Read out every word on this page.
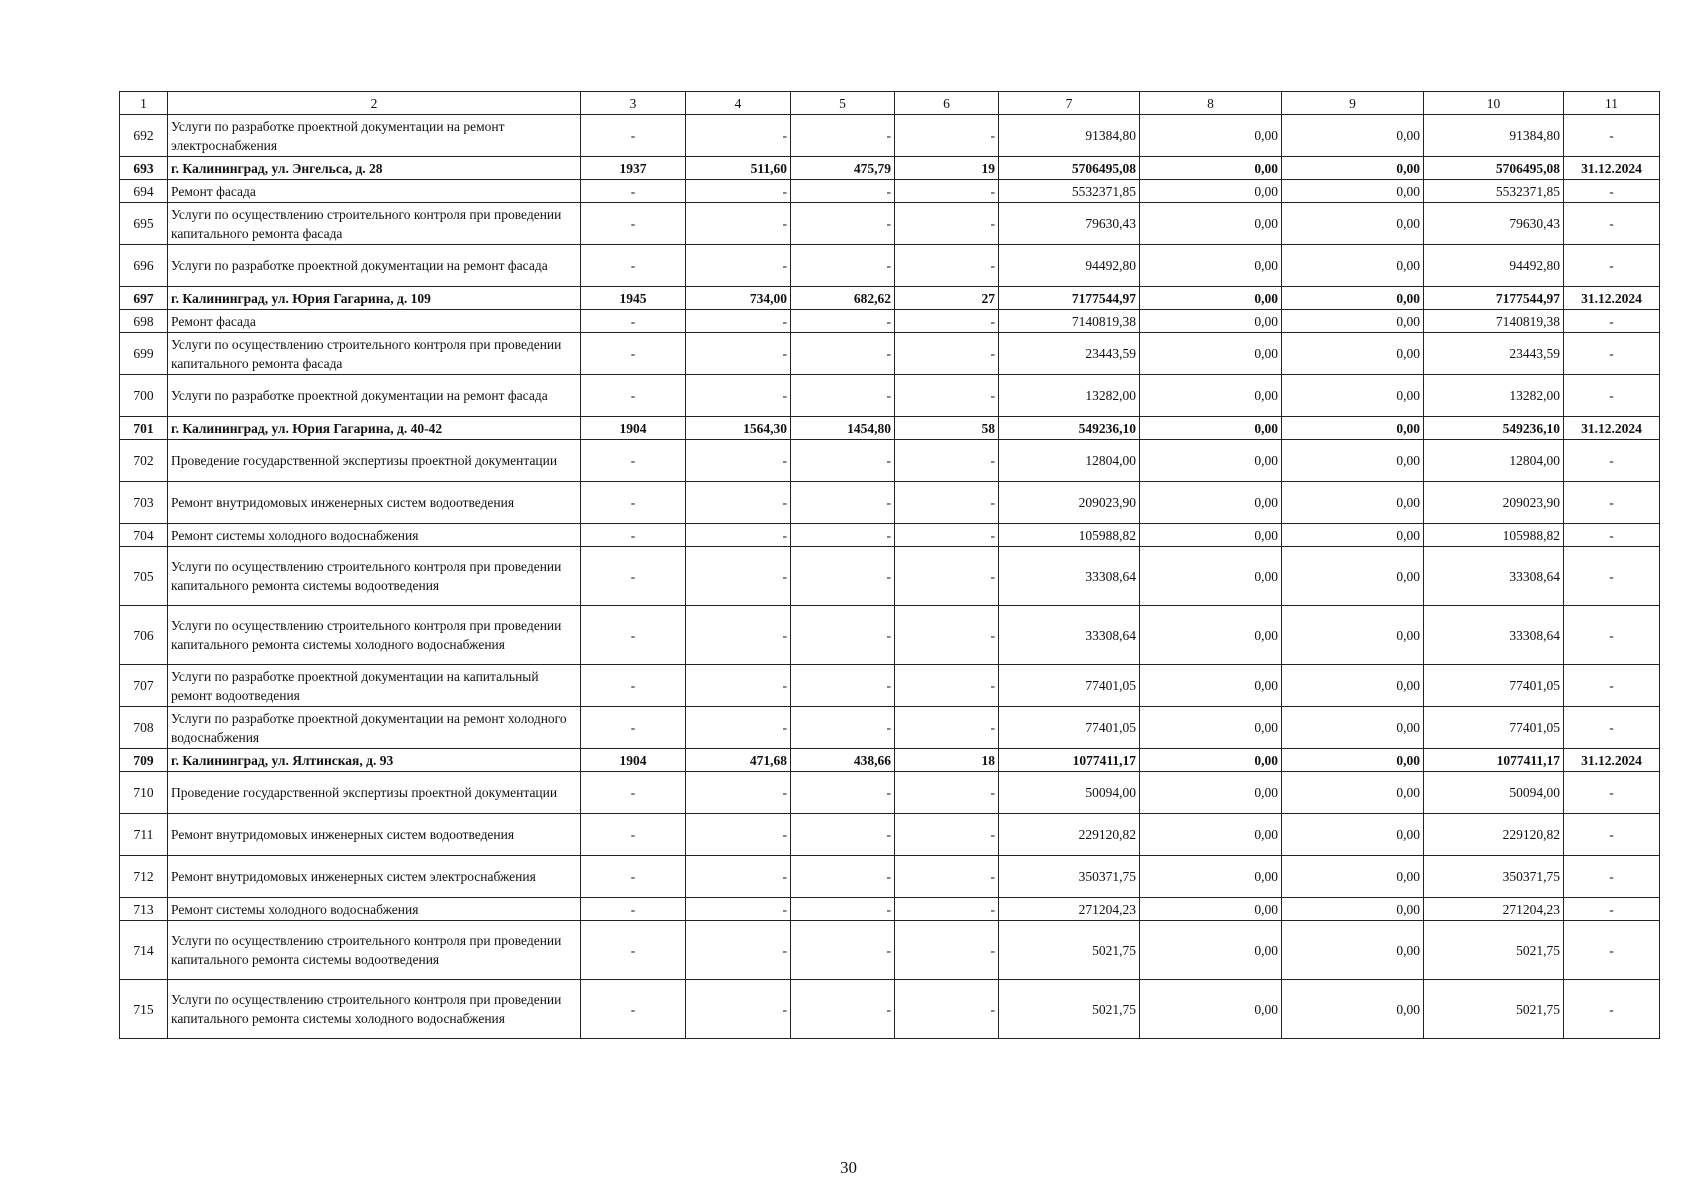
1	2	3	4	5	6	7	8	9	10	11
692	Услуги по разработке проектной документации на ремонт электроснабжения	-	-	-	-	91384,80	0,00	0,00	91384,80	-
693	г. Калининград, ул. Энгельса, д. 28	1937	511,60	475,79	19	5706495,08	0,00	0,00	5706495,08	31.12.2024
694	Ремонт фасада	-	-	-	-	5532371,85	0,00	0,00	5532371,85	-
695	Услуги по осуществлению строительного контроля при проведении капитального ремонта фасада	-	-	-	-	79630,43	0,00	0,00	79630,43	-
696	Услуги по разработке проектной документации на ремонт фасада	-	-	-	-	94492,80	0,00	0,00	94492,80	-
697	г. Калининград, ул. Юрия Гагарина, д. 109	1945	734,00	682,62	27	7177544,97	0,00	0,00	7177544,97	31.12.2024
698	Ремонт фасада	-	-	-	-	7140819,38	0,00	0,00	7140819,38	-
699	Услуги по осуществлению строительного контроля при проведении капитального ремонта фасада	-	-	-	-	23443,59	0,00	0,00	23443,59	-
700	Услуги по разработке проектной документации на ремонт фасада	-	-	-	-	13282,00	0,00	0,00	13282,00	-
701	г. Калининград, ул. Юрия Гагарина, д. 40-42	1904	1564,30	1454,80	58	549236,10	0,00	0,00	549236,10	31.12.2024
702	Проведение государственной экспертизы проектной документации	-	-	-	-	12804,00	0,00	0,00	12804,00	-
703	Ремонт внутридомовых инженерных систем водоотведения	-	-	-	-	209023,90	0,00	0,00	209023,90	-
704	Ремонт системы холодного водоснабжения	-	-	-	-	105988,82	0,00	0,00	105988,82	-
705	Услуги по осуществлению строительного контроля при проведении капитального ремонта системы водоотведения	-	-	-	-	33308,64	0,00	0,00	33308,64	-
706	Услуги по осуществлению строительного контроля при проведении капитального ремонта системы холодного водоснабжения	-	-	-	-	33308,64	0,00	0,00	33308,64	-
707	Услуги по разработке проектной документации на капитальный ремонт водоотведения	-	-	-	-	77401,05	0,00	0,00	77401,05	-
708	Услуги по разработке проектной документации на ремонт холодного водоснабжения	-	-	-	-	77401,05	0,00	0,00	77401,05	-
709	г. Калининград, ул. Ялтинская, д. 93	1904	471,68	438,66	18	1077411,17	0,00	0,00	1077411,17	31.12.2024
710	Проведение государственной экспертизы проектной документации	-	-	-	-	50094,00	0,00	0,00	50094,00	-
711	Ремонт внутридомовых инженерных систем водоотведения	-	-	-	-	229120,82	0,00	0,00	229120,82	-
712	Ремонт внутридомовых инженерных систем электроснабжения	-	-	-	-	350371,75	0,00	0,00	350371,75	-
713	Ремонт системы холодного водоснабжения	-	-	-	-	271204,23	0,00	0,00	271204,23	-
714	Услуги по осуществлению строительного контроля при проведении капитального ремонта системы водоотведения	-	-	-	-	5021,75	0,00	0,00	5021,75	-
715	Услуги по осуществлению строительного контроля при проведении капитального ремонта системы холодного водоснабжения	-	-	-	-	5021,75	0,00	0,00	5021,75	-
30
